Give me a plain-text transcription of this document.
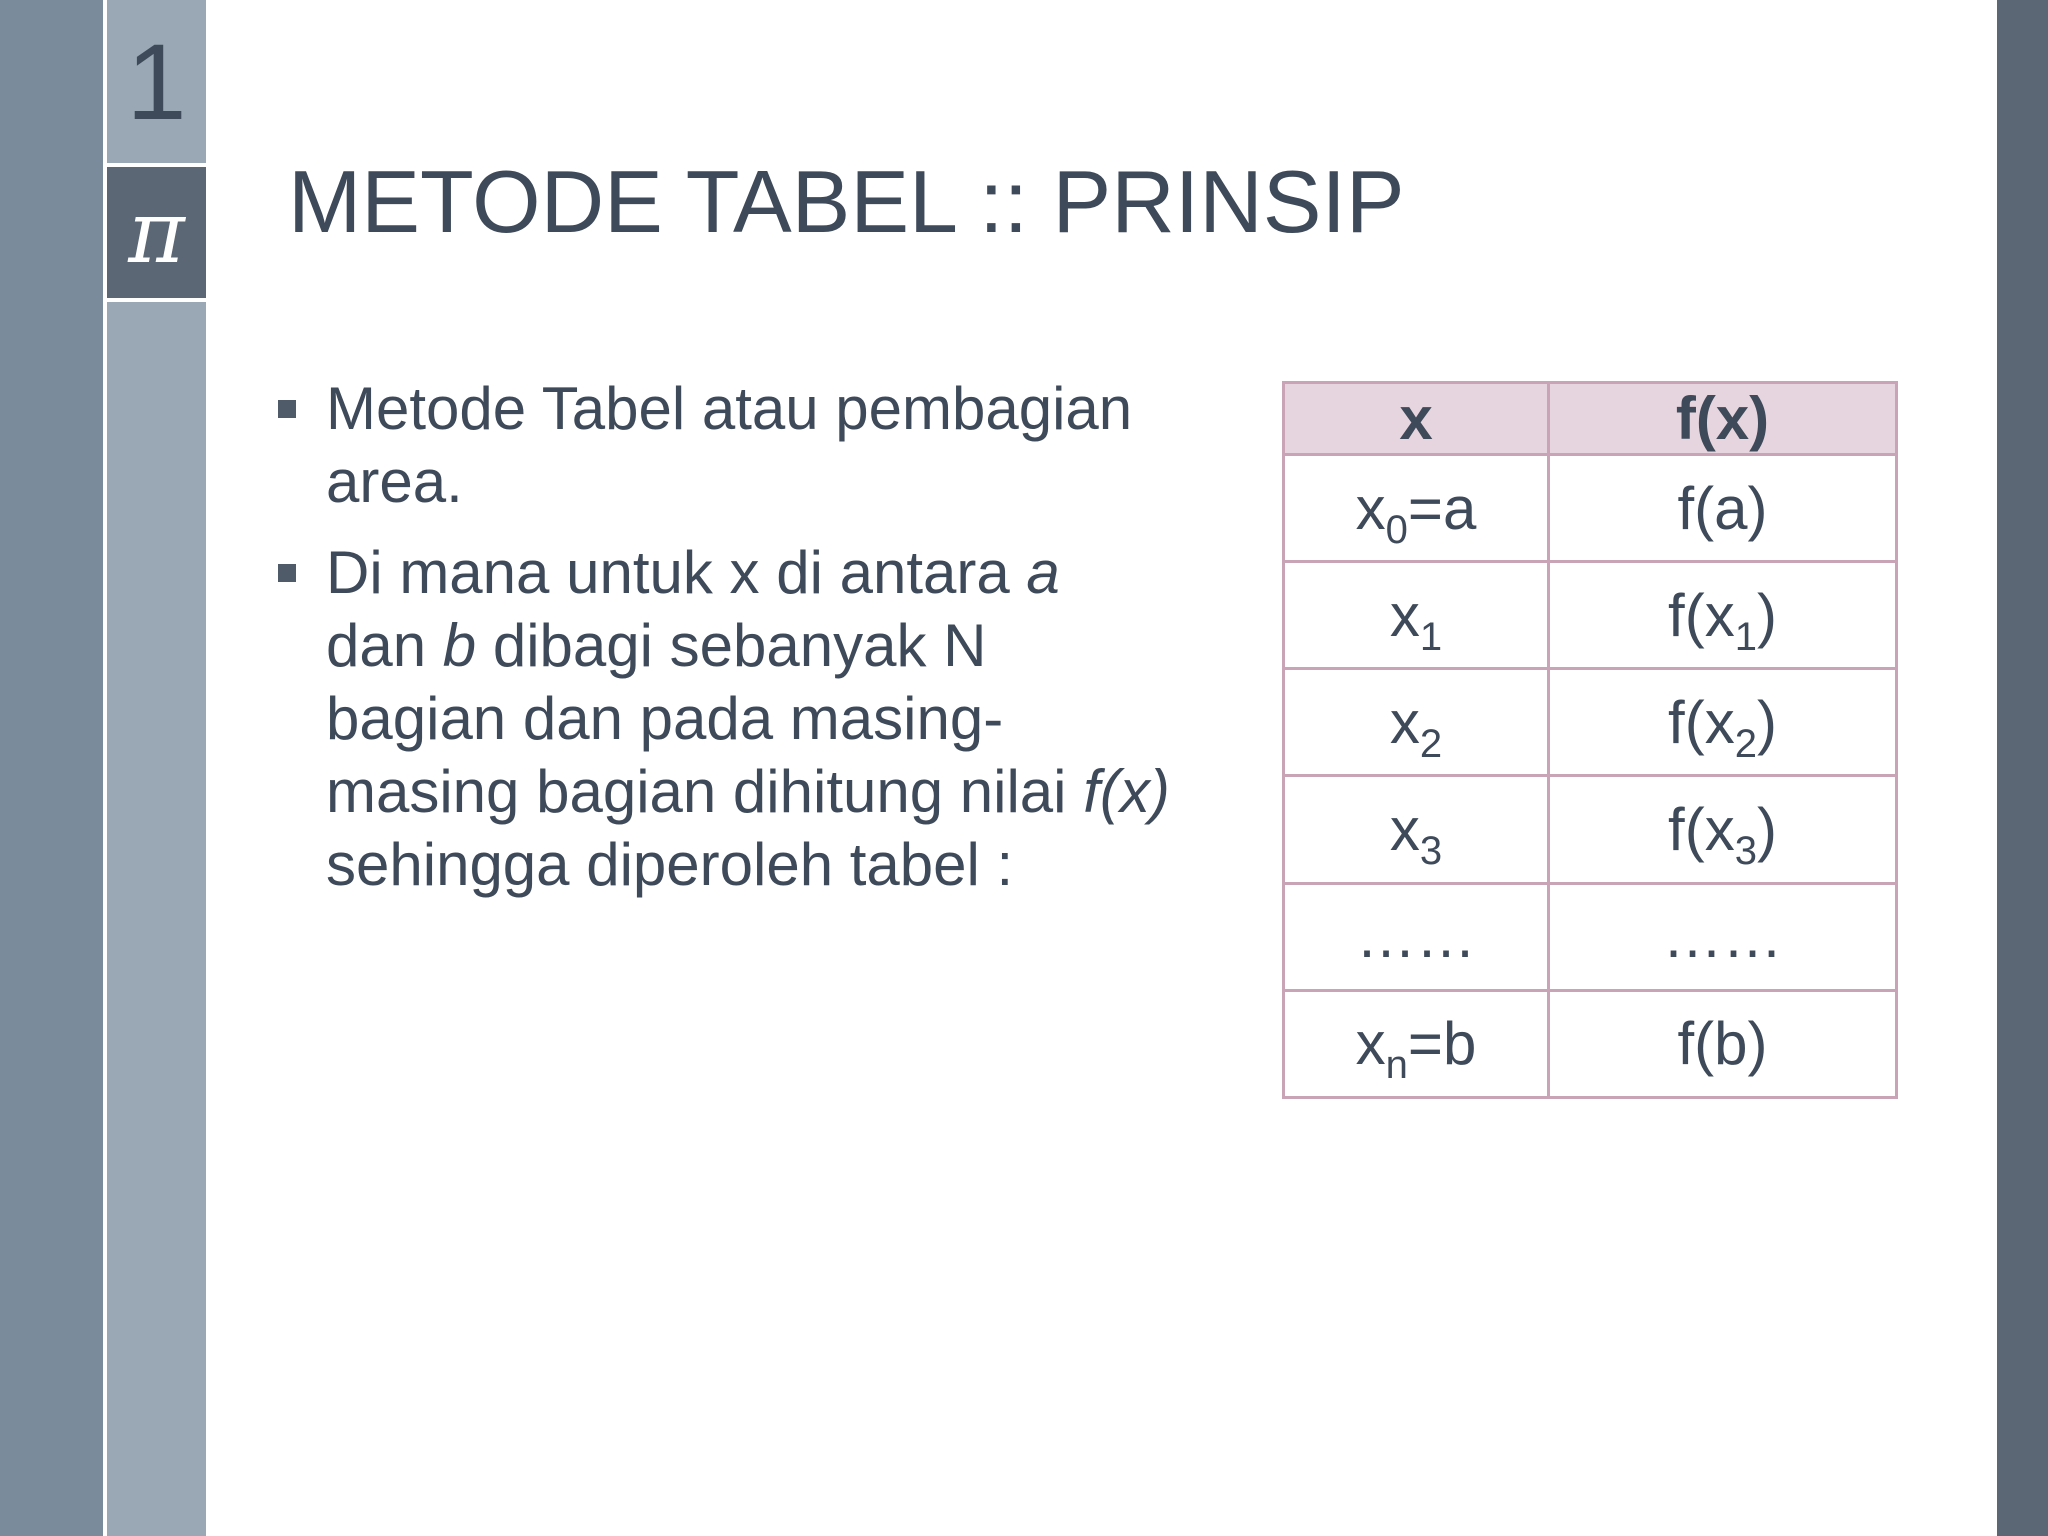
1
π METODE TABEL :: PRINSIP
Metode Tabel atau pembagian area.
Di mana untuk x di antara a dan b dibagi sebanyak N bagian dan pada masing-masing bagian dihitung nilai f(x) sehingga diperoleh tabel :
x	f(x)
$x_0=a$	f(a)
$x_1$	$f(x_1)$
$x_2$	$f(x_2)$
$x_3$	$f(x_3)$
……	……
$x_n=b$	f(b)
